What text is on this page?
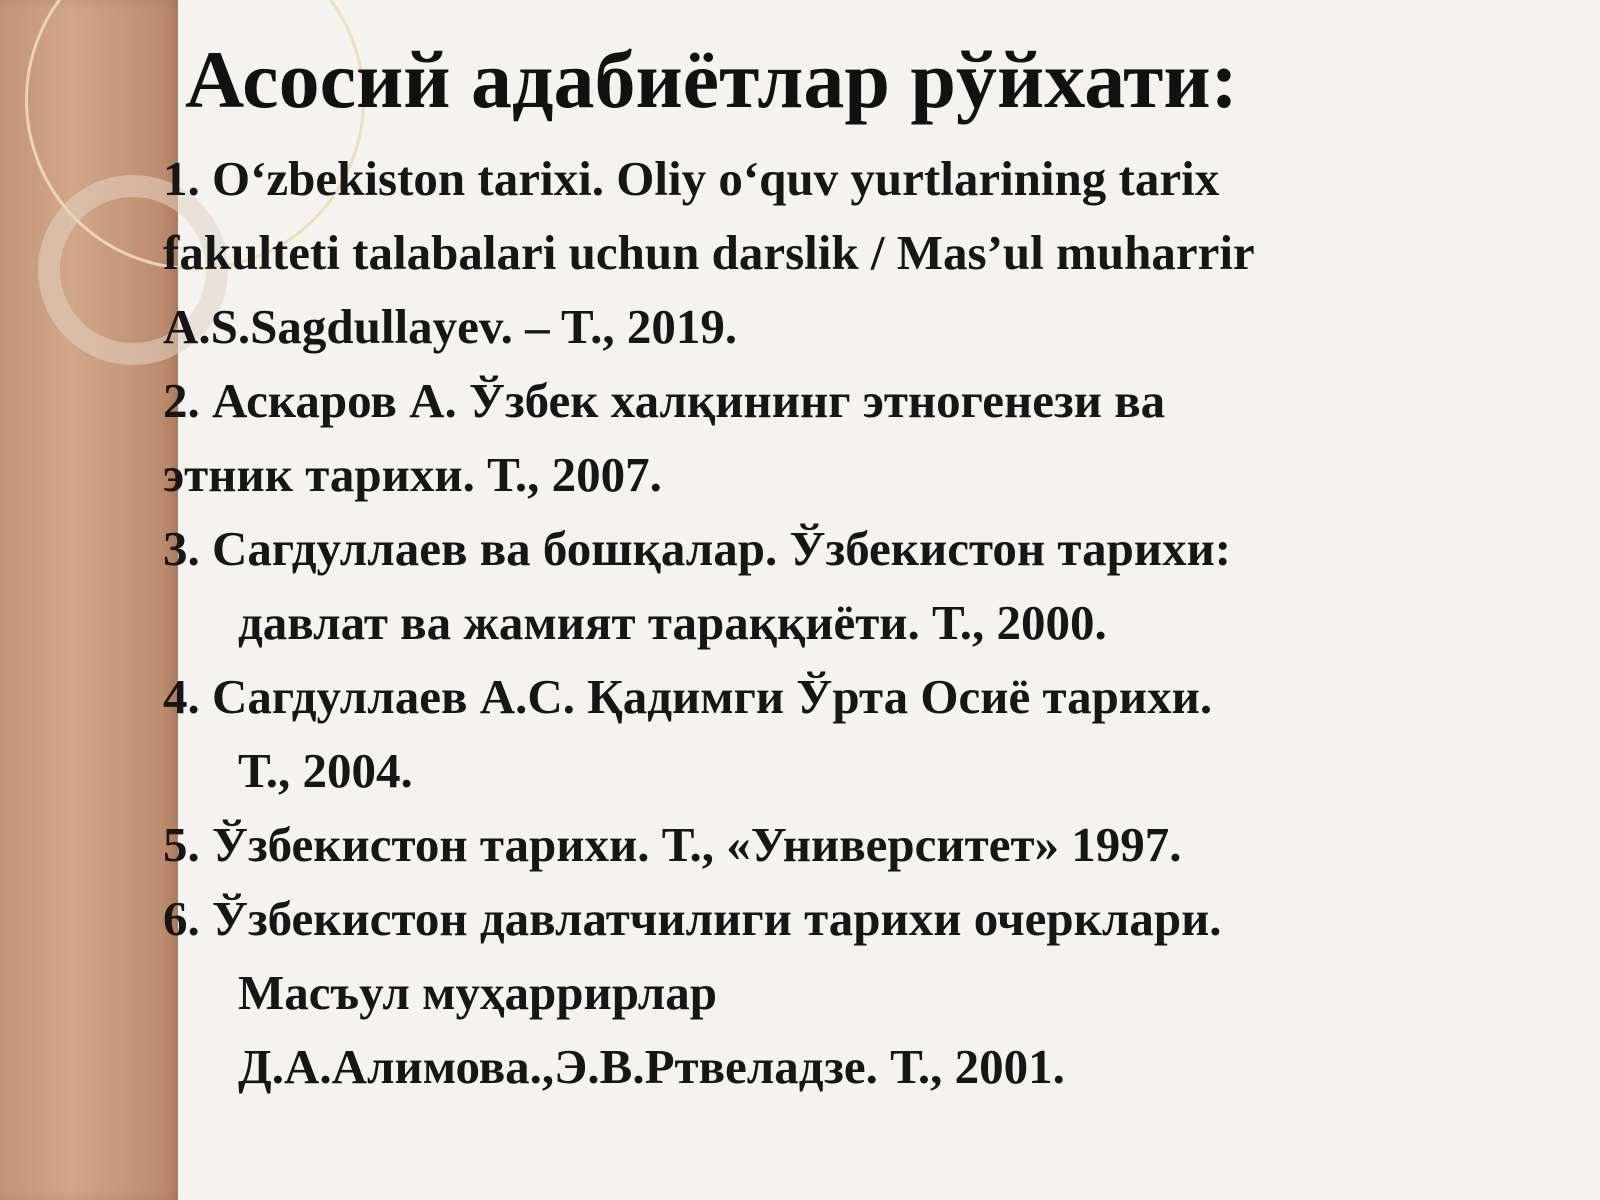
Асосий адабиётлар рўйхати:
1. O‘zbekiston tarixi. Oliy o‘quv yurtlarining tarix
fakulteti talabalari uchun darslik / Mas’ul muharrir
A.S.Sagdullayev. – T., 2019.
2. Аскаров А. Ўзбек халқининг этногенези ва
этник тарихи. Т., 2007.
3. Сагдуллаев ва бошқалар. Ўзбекистон тарихи:
давлат ва жамият тараққиёти. Т., 2000.
4. Сагдуллаев А.С. Қадимги Ўрта Осиё тарихи.
Т., 2004.
5. Ўзбекистон тарихи. Т., «Университет» 1997.
6. Ўзбекистон давлатчилиги тарихи очерклари.
Масъул муҳаррирлар
Д.А.Алимова.,Э.В.Ртвеладзе. Т., 2001.
